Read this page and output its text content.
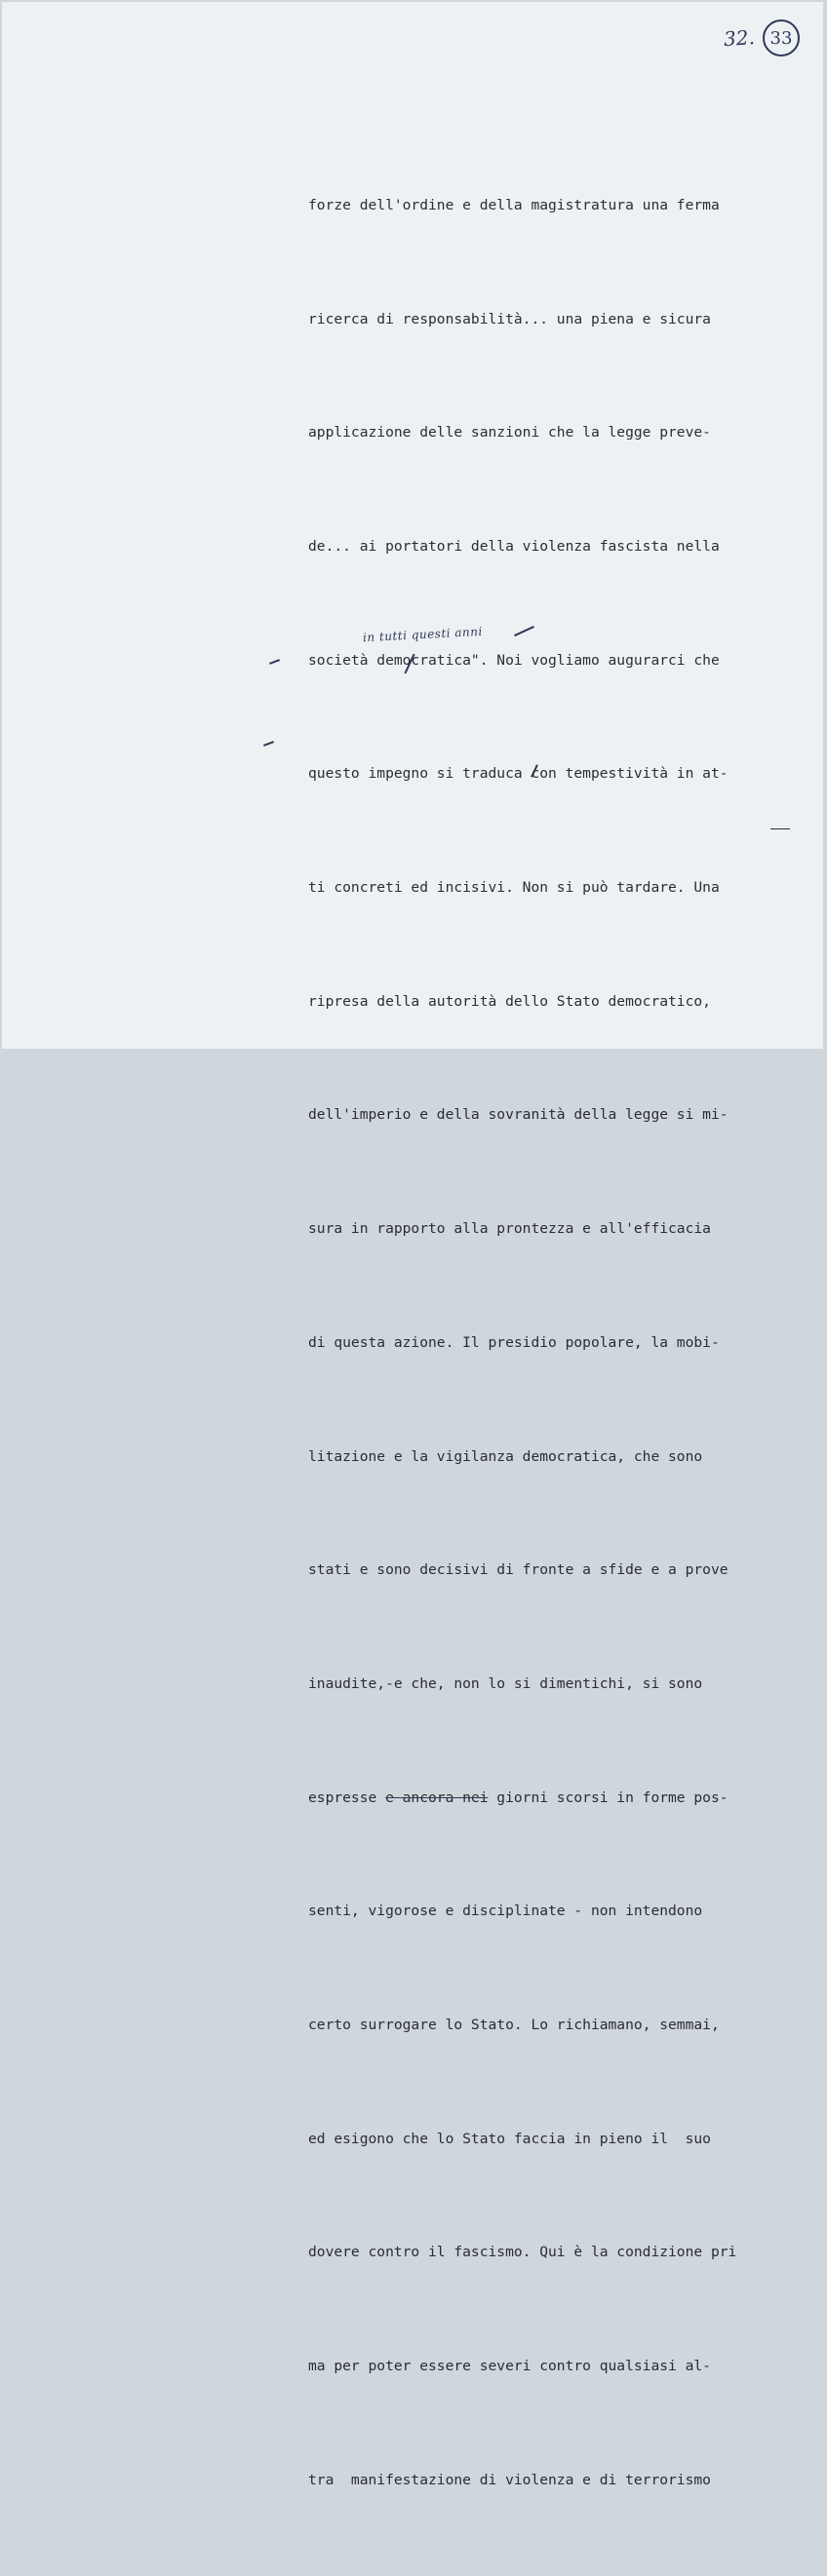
32. 33
in tutti questi anni

forze dell'ordine e della magistratura una ferma

ricerca di responsabilità... una piena e sicura

applicazione delle sanzioni che la legge preve-

de... ai portatori della violenza fascista nella

società democratica". Noi vogliamo augurarci che

questo impegno si traduca con tempestività in at-

ti concreti ed incisivi. Non si può tardare. Una

ripresa della autorità dello Stato democratico,

dell'imperio e della sovranità della legge si mi-

sura in rapporto alla prontezza e all'efficacia

di questa azione. Il presidio popolare, la mobi-

litazione e la vigilanza democratica, che sono

stati e sono decisivi di fronte a sfide e a prove

inaudite,-e che, non lo si dimentichi, si sono

espresse e ancora nei giorni scorsi in forme pos-

senti, vigorose e disciplinate - non intendono

certo surrogare lo Stato. Lo richiamano, semmai,

ed esigono che lo Stato faccia in pieno il  suo

dovere contro il fascismo. Qui è la condizione pri

ma per poter essere severi contro qualsiasi al-

tra  manifestazione di violenza e di terrorismo
